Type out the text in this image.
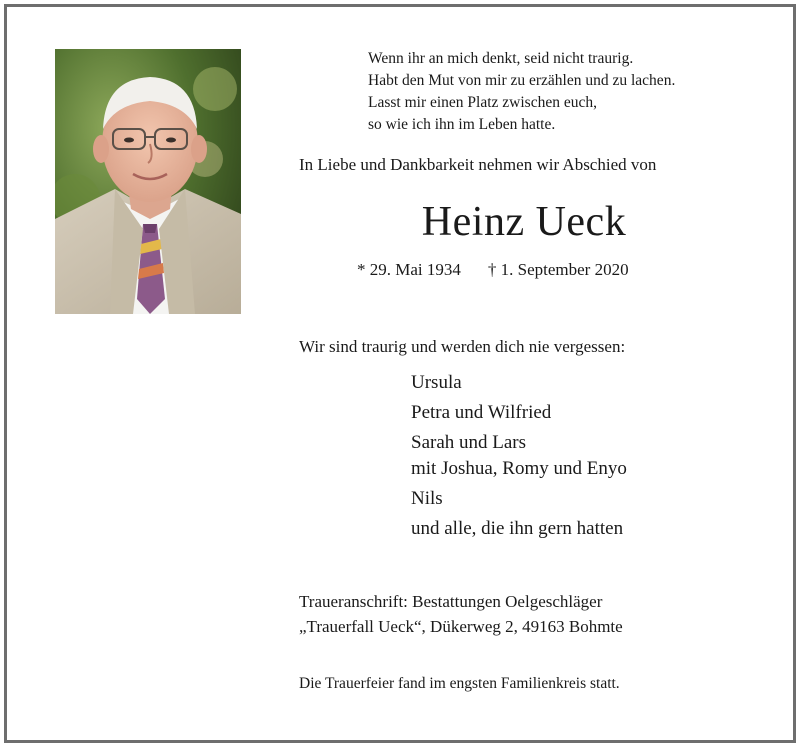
Wenn ihr an mich denkt, seid nicht traurig.
Habt den Mut von mir zu erzählen und zu lachen.
Lasst mir einen Platz zwischen euch,
so wie ich ihn im Leben hatte.
In Liebe und Dankbarkeit nehmen wir Abschied von
Heinz Ueck
* 29. Mai 1934 † 1. September 2020
Wir sind traurig und werden dich nie vergessen:
Ursula
Petra und Wilfried
Sarah und Lars
mit Joshua, Romy und Enyo
Nils
und alle, die ihn gern hatten
Traueranschrift: Bestattungen Oelgeschläger
„Trauerfall Ueck“, Dükerweg 2, 49163 Bohmte
Die Trauerfeier fand im engsten Familienkreis statt.
